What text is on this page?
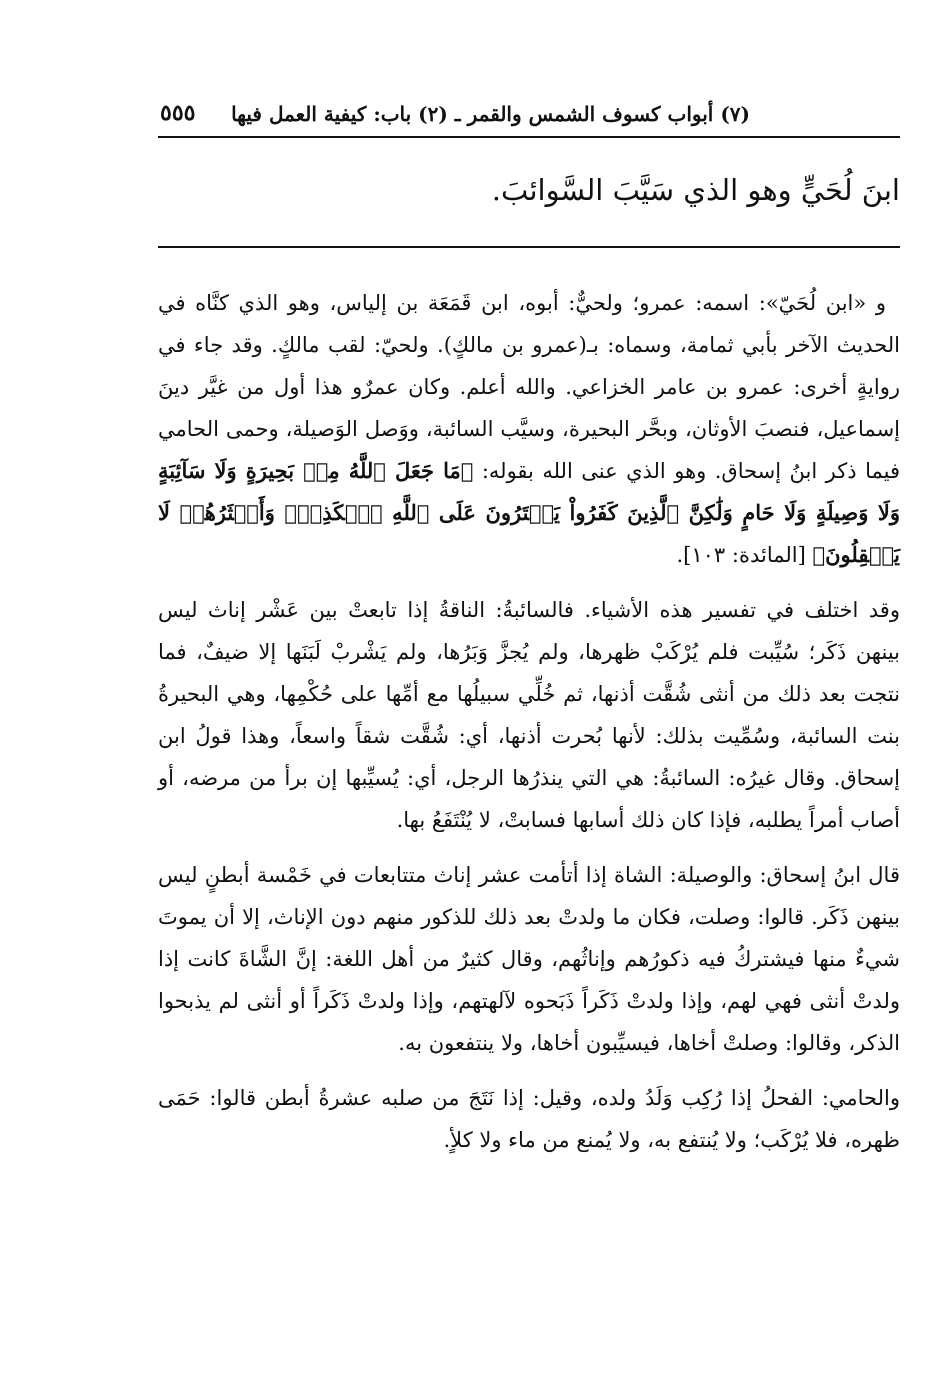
(٧) أبواب كسوف الشمس والقمر ـ (٢) باب: كيفية العمل فيها
٥٥٥
ابنَ لُحَيٍّ وهو الذي سَيَّبَ السَّوائبَ.

و «ابن لُحَيّ»: اسمه: عمرو؛ ولحيٌّ: أبوه، ابن قَمَعَة بن إلياس، وهو الذي كنَّاه في الحديث الآخر بأبي ثمامة، وسماه: بـ(عمرو بن مالكٍ). ولحيّ: لقب مالكٍ. وقد جاء في روايةٍ أخرى: عمرو بن عامر الخزاعي. والله أعلم. وكان عمرٌو هذا أول من غيَّر دينَ إسماعيل، فنصبَ الأوثان، وبحَّر البحيرة، وسيَّب السائبة، ووَصل الوَصيلة، وحمى الحامي فيما ذكر ابنُ إسحاق. وهو الذي عنى الله بقوله: ﴿مَا جَعَلَ ٱللَّهُ مِنۢ بَحِيرَةٍ وَلَا سَآئِبَةٍ وَلَا وَصِيلَةٍ وَلَا حَامٍ وَلَٰكِنَّ ٱلَّذِينَ كَفَرُواْ يَفۡتَرُونَ عَلَى ٱللَّهِ ٱلۡكَذِبَۖ وَأَكۡثَرُهُمۡ لَا يَعۡقِلُونَ﴾ [المائدة: ١٠٣].

وقد اختلف في تفسير هذه الأشياء. فالسائبةُ: الناقةُ إذا تابعتْ بين عَشْر إناث ليس بينهن ذَكَر؛ سُيِّبت فلم يُرْكَبْ ظهرها، ولم يُجزَّ وَبَرُها، ولم يَشْربْ لَبَنَها إلا ضيفٌ، فما نتجت بعد ذلك من أنثى شُقَّت أذنها، ثم خُلِّي سبيلُها مع أمِّها على حُكْمِها، وهي البحيرةُ بنت السائبة، وسُمِّيت بذلك: لأنها بُحرت أذنها، أي: شُقَّت شقاً واسعاً، وهذا قولُ ابن إسحاق. وقال غيرُه: السائبةُ: هي التي ينذرُها الرجل، أي: يُسيِّبها إن برأ من مرضه، أو أصاب أمراً يطلبه، فإذا كان ذلك أسابها فسابتْ، لا يُنْتَفَعُ بها.

قال ابنُ إسحاق: والوصيلة: الشاة إذا أتأمت عشر إناث متتابعات في خَمْسة أبطنٍ ليس بينهن ذَكَر. قالوا: وصلت، فكان ما ولدتْ بعد ذلك للذكور منهم دون الإناث، إلا أن يموتَ شيءٌ منها فيشتركُ فيه ذكورُهم وإناثُهم، وقال كثيرٌ من أهل اللغة: إنَّ الشَّاةَ كانت إذا ولدتْ أنثى فهي لهم، وإذا ولدتْ ذَكَراً ذَبَحوه لآلهتهم، وإذا ولدتْ ذَكَراً أو أنثى لم يذبحوا الذكر، وقالوا: وصلتْ أخاها، فيسيِّبون أخاها، ولا ينتفعون به.

والحامي: الفحلُ إذا رُكِب وَلَدُ ولده، وقيل: إذا نَتَجَ من صلبه عشرةُ أبطن قالوا: حَمَى ظهره، فلا يُرْكَب؛ ولا يُنتفع به، ولا يُمنع من ماء ولا كلأٍ.
